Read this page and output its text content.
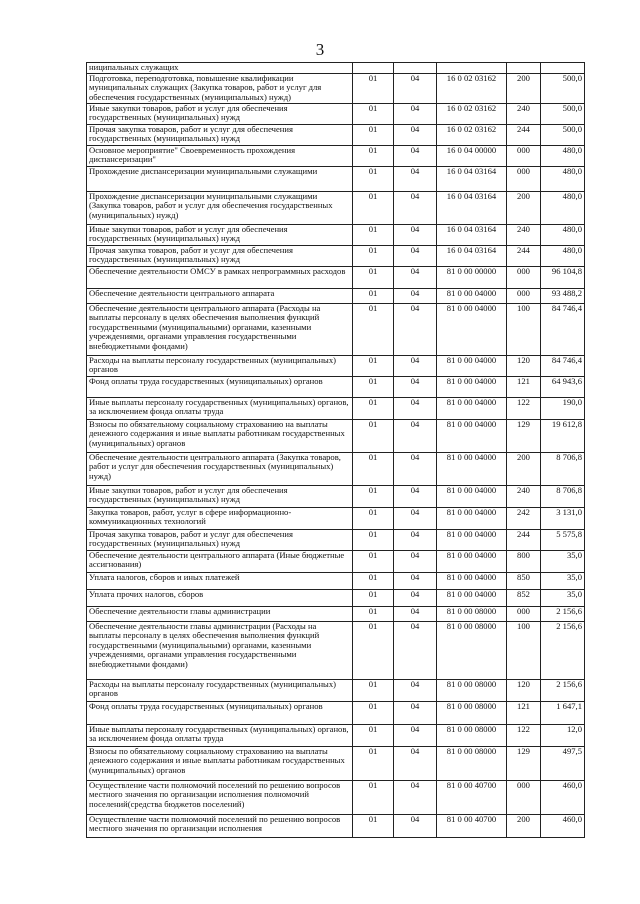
3
ниципальных служащих					
Подготовка, переподготовка, повышение квалификации муниципальных служащих (Закупка товаров, работ и услуг для обеспечения государственных (муниципальных) нужд)	01	04	16 0 02 03162	200	500,0
Иные закупки товаров, работ и услуг для обеспечения государственных (муниципальных) нужд	01	04	16 0 02 03162	240	500,0
Прочая закупка товаров, работ и услуг для обеспечения государственных (муниципальных) нужд	01	04	16 0 02 03162	244	500,0
Основное мероприятие" Своевременность прохождения диспансеризации"	01	04	16 0 04 00000	000	480,0
Прохождение диспансеризации муниципальными служащими	01	04	16 0 04 03164	000	480,0
Прохождение диспансеризации муниципальными служащими (Закупка товаров, работ и услуг для обеспечения государственных (муниципальных) нужд)	01	04	16 0 04 03164	200	480,0
Иные закупки товаров, работ и услуг для обеспечения государственных (муниципальных) нужд	01	04	16 0 04 03164	240	480,0
Прочая закупка товаров, работ и услуг для обеспечения государственных (муниципальных) нужд	01	04	16 0 04 03164	244	480,0
Обеспечение деятельности ОМСУ в рамках непрограммных расходов	01	04	81 0 00 00000	000	96 104,8
Обеспечение деятельности центрального аппарата	01	04	81 0 00 04000	000	93 488,2
Обеспечение деятельности центрального аппарата (Расходы на выплаты персоналу в целях обеспечения выполнения функций государственными (муниципальными) органами, казенными учреждениями, органами управления государственными внебюджетными фондами)	01	04	81 0 00 04000	100	84 746,4
Расходы на выплаты персоналу государственных (муниципальных) органов	01	04	81 0 00 04000	120	84 746,4
Фонд оплаты труда государственных (муниципальных) органов	01	04	81 0 00 04000	121	64 943,6
Иные выплаты персоналу государственных (муниципальных) органов, за исключением фонда оплаты труда	01	04	81 0 00 04000	122	190,0
Взносы по обязательному социальному страхованию на выплаты денежного содержания и иные выплаты работникам государственных (муниципальных) органов	01	04	81 0 00 04000	129	19 612,8
Обеспечение деятельности центрального аппарата (Закупка товаров, работ и услуг для обеспечения государственных (муниципальных) нужд)	01	04	81 0 00 04000	200	8 706,8
Иные закупки товаров, работ и услуг для обеспечения государственных (муниципальных) нужд	01	04	81 0 00 04000	240	8 706,8
Закупка товаров, работ, услуг в сфере информационно-коммуникационных технологий	01	04	81 0 00 04000	242	3 131,0
Прочая закупка товаров, работ и услуг для обеспечения государственных (муниципальных) нужд	01	04	81 0 00 04000	244	5 575,8
Обеспечение деятельности центрального аппарата (Иные бюджетные ассигнования)	01	04	81 0 00 04000	800	35,0
Уплата налогов, сборов и иных платежей	01	04	81 0 00 04000	850	35,0
Уплата прочих налогов, сборов	01	04	81 0 00 04000	852	35,0
Обеспечение деятельности главы администрации	01	04	81 0 00 08000	000	2 156,6
Обеспечение деятельности главы администрации (Расходы на выплаты персоналу в целях обеспечения выполнения функций государственными (муниципальными) органами, казенными учреждениями, органами управления государственными внебюджетными фондами)	01	04	81 0 00 08000	100	2 156,6
Расходы на выплаты персоналу государственных (муниципальных) органов	01	04	81 0 00 08000	120	2 156,6
Фонд оплаты труда государственных (муниципальных) органов	01	04	81 0 00 08000	121	1 647,1
Иные выплаты персоналу государственных (муниципальных) органов, за исключением фонда оплаты труда	01	04	81 0 00 08000	122	12,0
Взносы по обязательному социальному страхованию на выплаты денежного содержания и иные выплаты работникам государственных (муниципальных) органов	01	04	81 0 00 08000	129	497,5
Осуществление части полномочий поселений по решению вопросов местного значения по организации исполнения полномочий поселений(средства бюджетов поселений)	01	04	81 0 00 40700	000	460,0
Осуществление части полномочий поселений по решению вопросов местного значения по организации исполнения	01	04	81 0 00 40700	200	460,0
